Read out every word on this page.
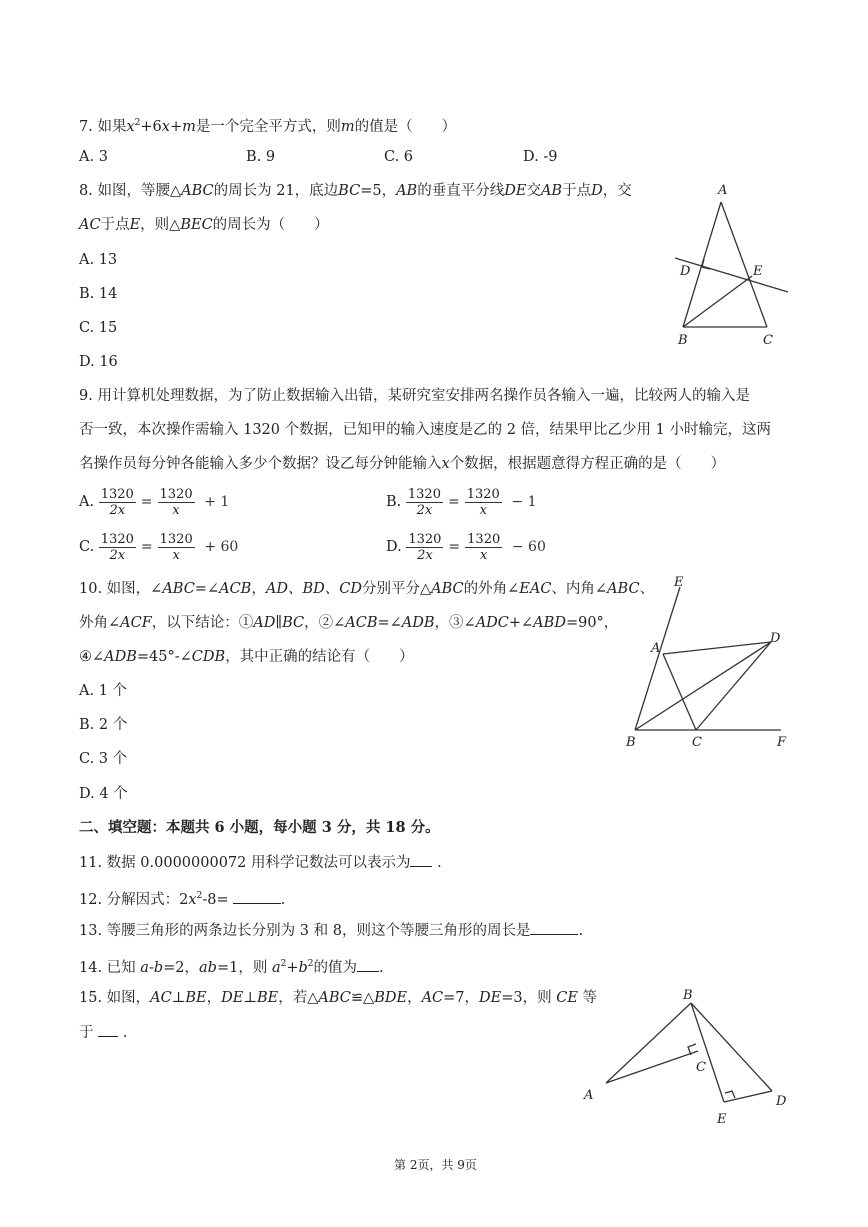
7. 如果$x^2+6x+m$是一个完全平方式，则m的值是（　　）
A. 3	B. 9	C. 6	D. -9
8. 如图，等腰△ABC的周长为 21，底边BC=5，AB的垂直平分线DE交AB于点D，交
AC于点E，则△BEC的周长为（　　）
A. 13
B. 14
C. 15
D. 16
A
B	C
D	E
9. 用计算机处理数据，为了防止数据输入出错，某研究室安排两名操作员各输入一遍，比较两人的输入是
否一致，本次操作需输入 1320 个数据，已知甲的输入速度是乙的 2 倍，结果甲比乙少用 1 小时输完，这两
名操作员每分钟各能输入多少个数据？设乙每分钟能输入x个数据，根据题意得方程正确的是（　　）
A. $\frac{1320}{2x} = \frac{1320}{x} + 1$	B. $\frac{1320}{2x} = \frac{1320}{x} - 1$
C. $\frac{1320}{2x} = \frac{1320}{x} + 60$	D. $\frac{1320}{2x} = \frac{1320}{x} - 60$
10. 如图，∠ABC=∠ACB，AD、BD、CD分别平分△ABC的外角∠EAC、内角∠ABC、
外角∠ACF，以下结论：①AD∥BC，②∠ACB=∠ADB，③∠ADC+∠ABD=90°，
④∠ADB=45°-∠CDB，其中正确的结论有（　　）
A. 1 个
B. 2 个
C. 3 个
D. 4 个
E
A
D
B	C	F
二、填空题：本题共 6 小题，每小题 3 分，共 18 分。
11. 数据 0.0000000072 用科学记数法可以表示为 .
12. 分解因式：$2x^2-8=$	.
13. 等腰三角形的两条边长分别为 3 和 8，则这个等腰三角形的周长是	.
14. 已知 a-b=2，ab=1，则 $a^2+b^2$的值为 .
15. 如图，AC⊥BE，DE⊥BE，若△ABC≌△BDE，AC=7，DE=3，则 CE 等
于  .
B
C
A	D
E
第 2页，共 9页
